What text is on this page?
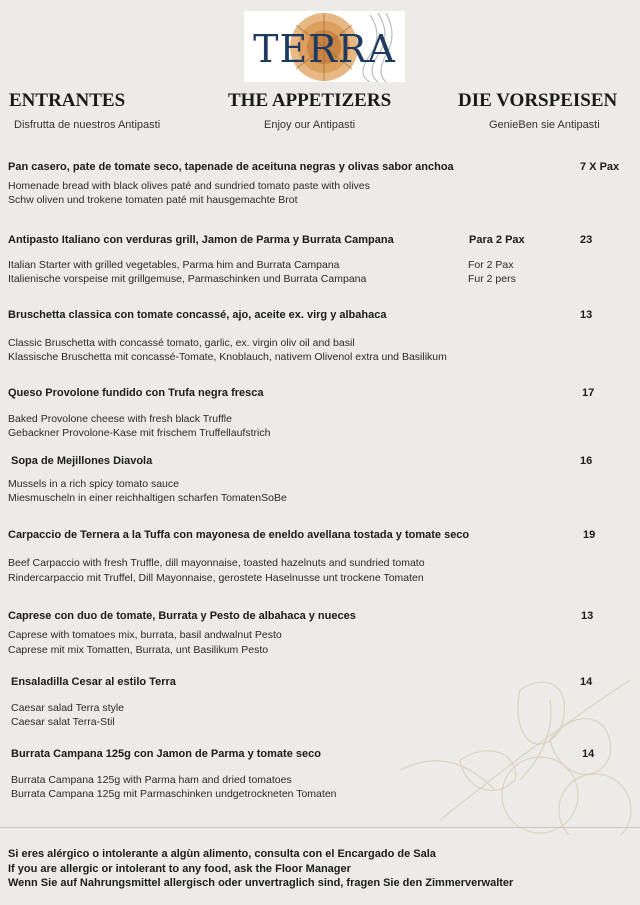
TERRA
ENTRANTES	THE APPETIZERS	DIE VORSPEISEN
Disfrutta de nuestros Antipasti	Enjoy our Antipasti	GenieBen sie Antipasti
Pan casero, pate de tomate seco, tapenade de aceituna negras y olivas sabor anchoa	7 X Pax
Homenade bread with black olives paté and sundried tomato paste with olives
Schw oliven und trokene tomaten paté mit hausgemachte Brot
Antipasto Italiano con verduras grill, Jamon de Parma y Burrata Campana	Para 2 Pax	23
Italian Starter with grilled vegetables, Parma him and Burrata Campana	For 2 Pax
Italienische vorspeise mit grillgemuse, Parmaschinken und Burrata Campana	Fur 2 pers
Bruschetta classica con tomate concassé, ajo, aceite ex. virg y albahaca	13
Classic Bruschetta with concassé tomato, garlic, ex. virgin oliv oil and basil
Klassische Bruschetta mit concassé-Tomate, Knoblauch, nativem Olivenol extra und Basilikum
Queso Provolone fundido con Trufa negra fresca	17
Baked Provolone cheese with fresh black Truffle
Gebackner Provolone-Kase mit frischem Truffellaufstrich
Sopa de Mejillones Diavola	16
Mussels in a rich spicy tomato sauce
Miesmuscheln in einer reichhaltigen scharfen TomatenSoBe
Carpaccio de Ternera a la Tuffa con mayonesa de eneldo avellana tostada y tomate seco	19
Beef Carpaccio with fresh Truffle, dill mayonnaise, toasted hazelnuts and sundried tomato
Rindercarpaccio mit Truffel, Dill Mayonnaise, gerostete Haselnusse unt trockene Tomaten
Caprese con duo de tomate, Burrata y Pesto de albahaca y nueces	13
Caprese with tomatoes mix, burrata, basil andwalnut Pesto
Caprese mit mix Tomatten, Burrata, unt Basilikum Pesto
Ensaladilla Cesar al estilo Terra	14
Caesar salad Terra style
Caesar salat Terra-Stil
Burrata Campana 125g con Jamon de Parma y tomate seco	14
Burrata Campana 125g with Parma ham and dried tomatoes
Burrata Campana 125g mit Parmaschinken undgetrockneten Tomaten
Si eres alérgico o intolerante a algùn alimento, consulta con el Encargado de Sala
If you are allergic or intolerant to any food, ask the Floor Manager
Wenn Sie auf Nahrungsmittel allergisch oder unvertraglich sind, fragen Sie den Zimmerverwalter
